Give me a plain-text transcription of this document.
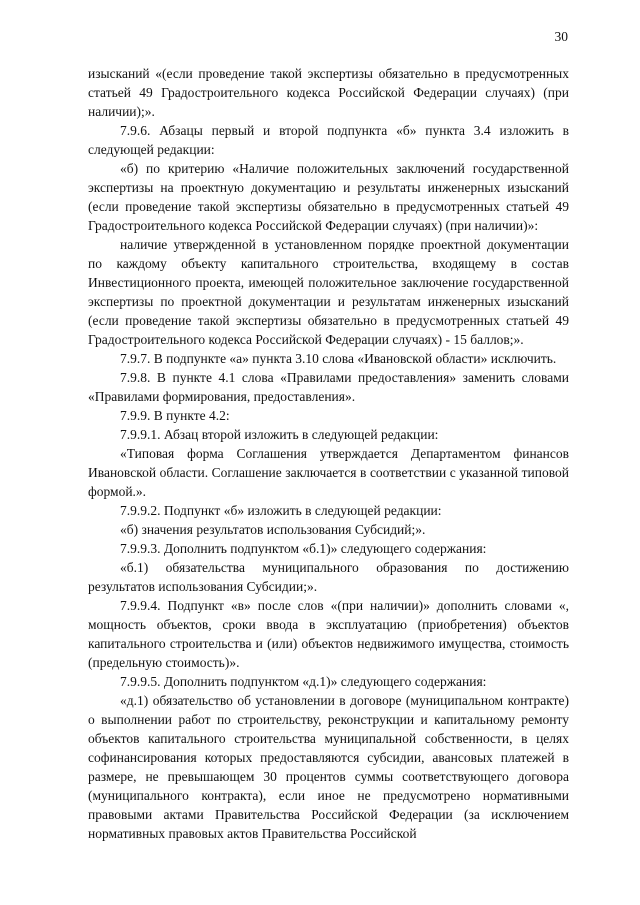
30

изысканий «(если проведение такой экспертизы обязательно в предусмотренных статьей 49 Градостроительного кодекса Российской Федерации случаях) (при наличии);».

7.9.6. Абзацы первый и второй подпункта «б» пункта 3.4 изложить в следующей редакции:

«б) по критерию «Наличие положительных заключений государственной экспертизы на проектную документацию и результаты инженерных изысканий (если проведение такой экспертизы обязательно в предусмотренных статьей 49 Градостроительного кодекса Российской Федерации случаях) (при наличии)»:

наличие утвержденной в установленном порядке проектной документации по каждому объекту капитального строительства, входящему в состав Инвестиционного проекта, имеющей положительное заключение государственной экспертизы по проектной документации и результатам инженерных изысканий (если проведение такой экспертизы обязательно в предусмотренных статьей 49 Градостроительного кодекса Российской Федерации случаях) - 15 баллов;».

7.9.7. В подпункте «а» пункта 3.10 слова «Ивановской области» исключить.

7.9.8. В пункте 4.1 слова «Правилами предоставления» заменить словами «Правилами формирования, предоставления».

7.9.9. В пункте 4.2:

7.9.9.1. Абзац второй изложить в следующей редакции:

«Типовая форма Соглашения утверждается Департаментом финансов Ивановской области. Соглашение заключается в соответствии с указанной типовой формой.».

7.9.9.2. Подпункт «б» изложить в следующей редакции:

«б) значения результатов использования Субсидий;».

7.9.9.3. Дополнить подпунктом «б.1)» следующего содержания:

«б.1) обязательства муниципального образования по достижению результатов использования Субсидии;».

7.9.9.4. Подпункт «в» после слов «(при наличии)» дополнить словами «, мощность объектов, сроки ввода в эксплуатацию (приобретения) объектов капитального строительства и (или) объектов недвижимого имущества, стоимость (предельную стоимость)».

7.9.9.5. Дополнить подпунктом «д.1)» следующего содержания:

«д.1) обязательство об установлении в договоре (муниципальном контракте) о выполнении работ по строительству, реконструкции и капитальному ремонту объектов капитального строительства муниципальной собственности, в целях софинансирования которых предоставляются субсидии, авансовых платежей в размере, не превышающем 30 процентов суммы соответствующего договора (муниципального контракта), если иное не предусмотрено нормативными правовыми актами Правительства Российской Федерации (за исключением нормативных правовых актов Правительства Российской
